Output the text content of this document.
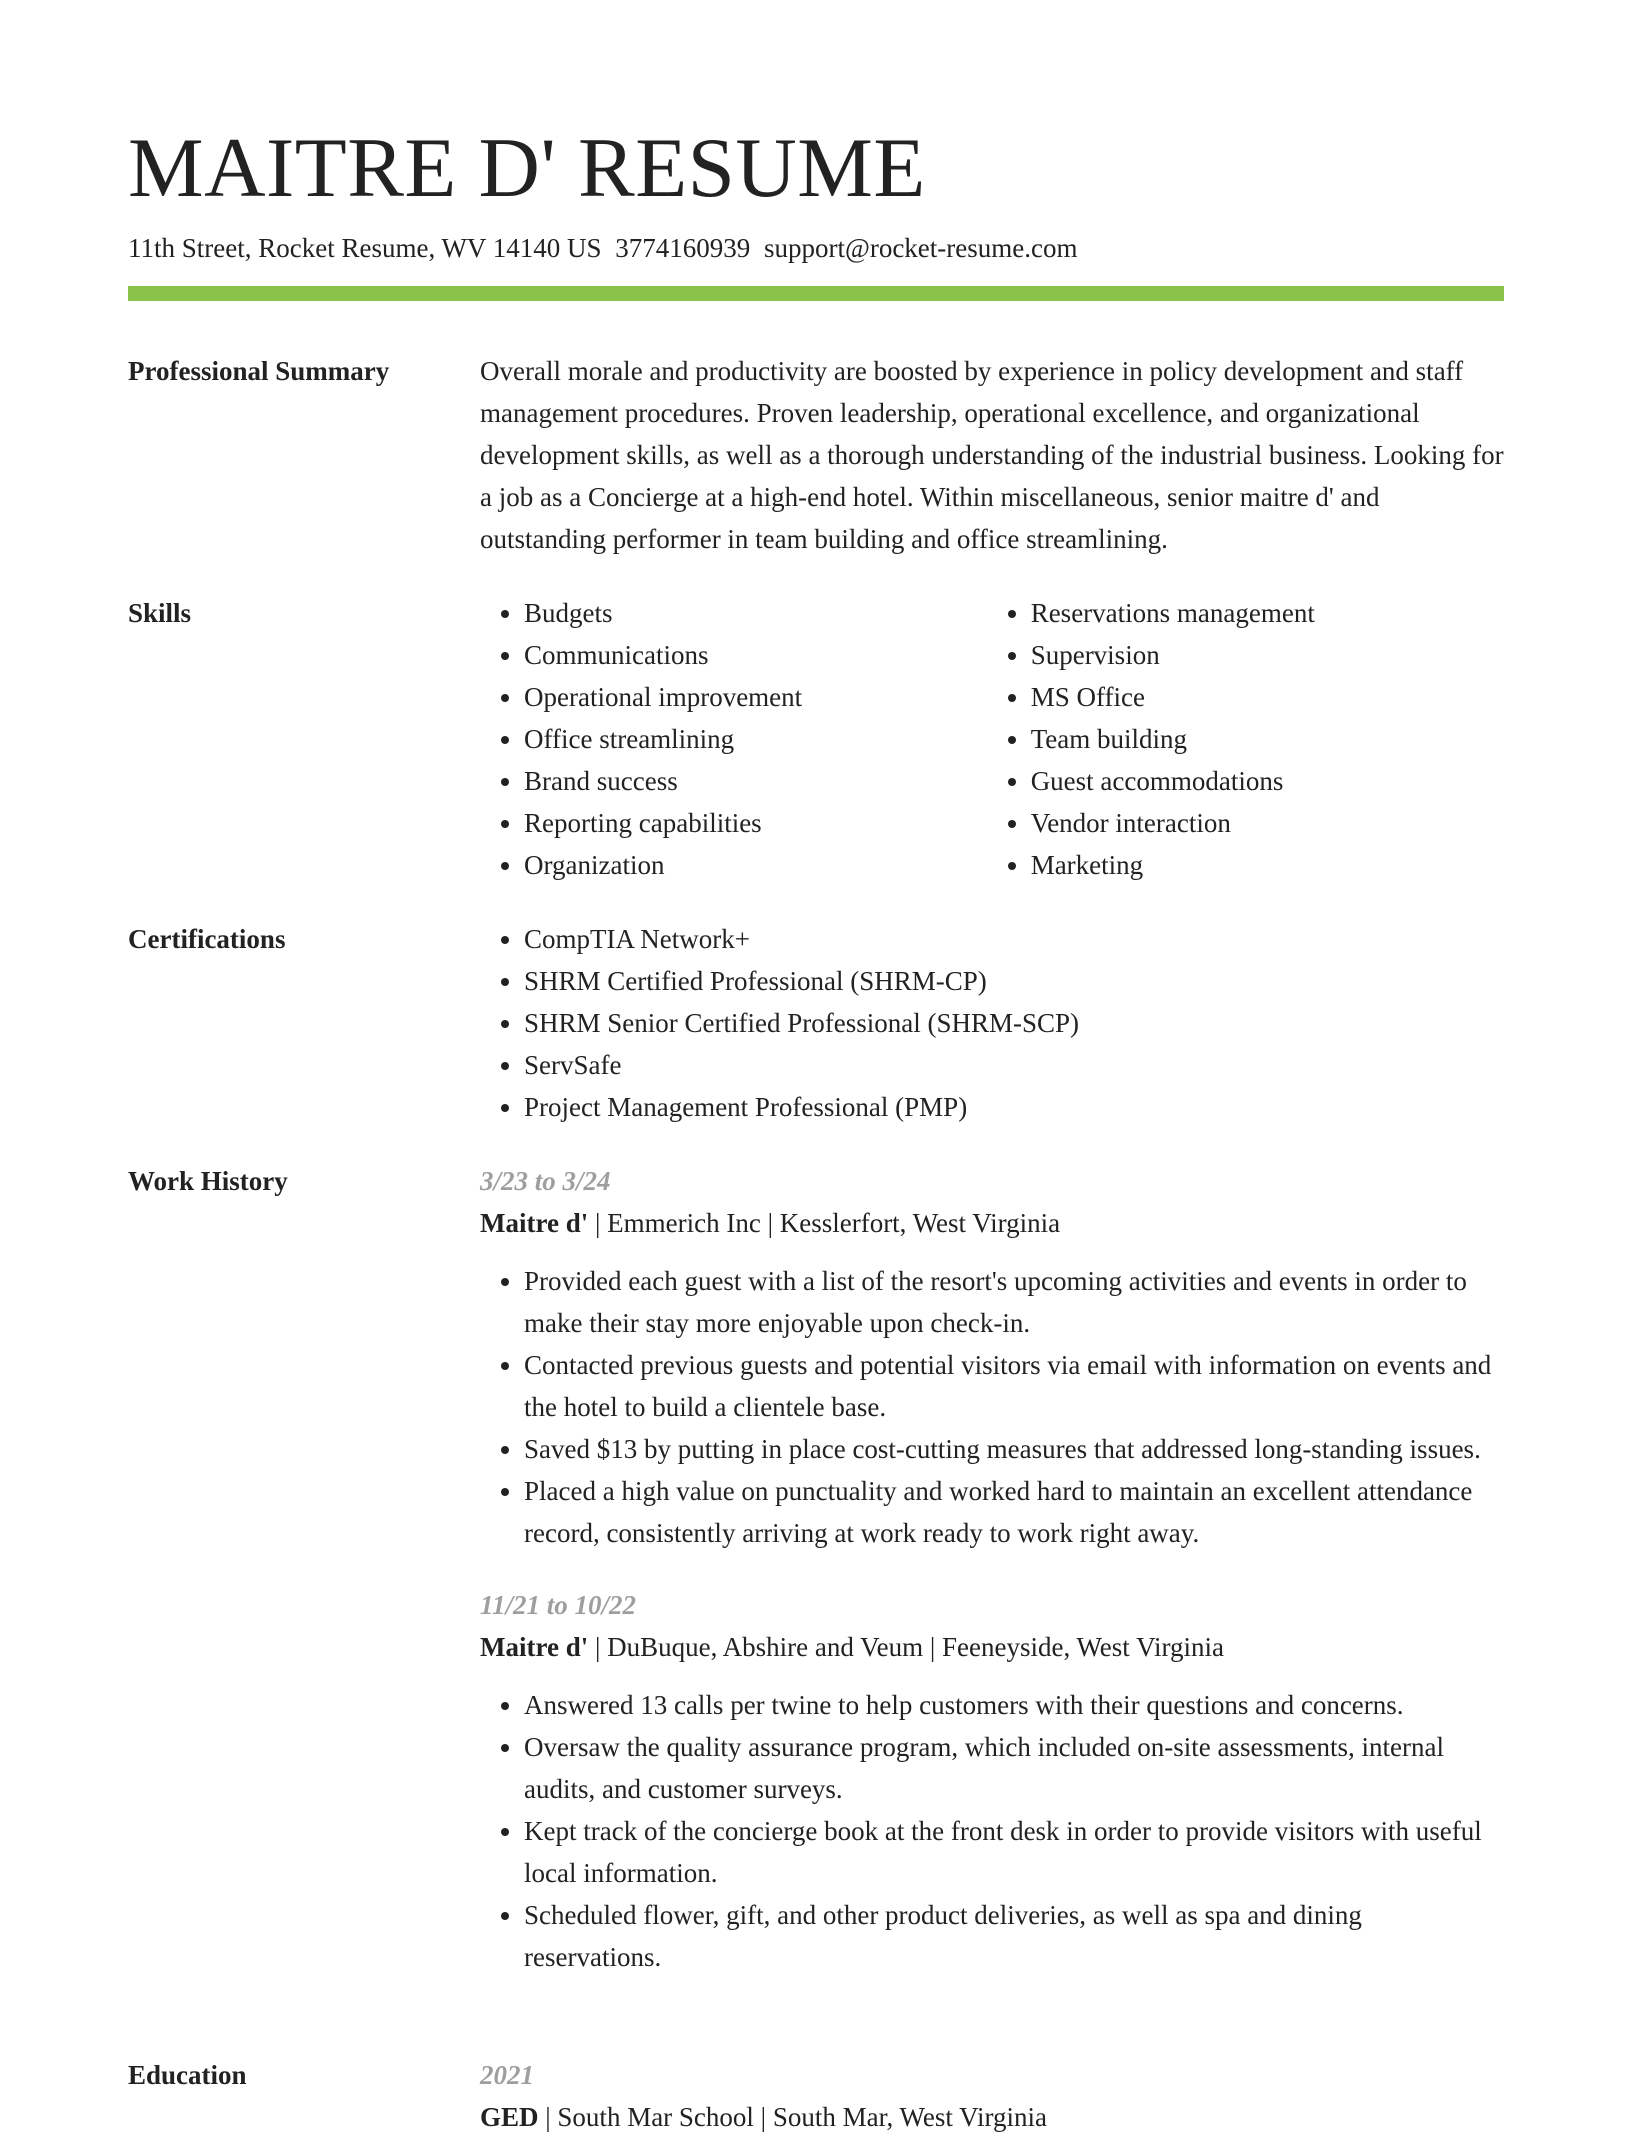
MAITRE D' RESUME
11th Street, Rocket Resume, WV 14140 US 3774160939 support@rocket-resume.com
Professional Summary	Overall morale and productivity are boosted by experience in policy development and staff management procedures. Proven leadership, operational excellence, and organizational development skills, as well as a thorough understanding of the industrial business. Looking for a job as a Concierge at a high-end hotel. Within miscellaneous, senior maitre d' and outstanding performer in team building and office streamlining.

Skills	• Budgets
• Communications
• Operational improvement
• Office streamlining
• Brand success
• Reporting capabilities
• Organization
• Reservations management
• Supervision
• MS Office
• Team building
• Guest accommodations
• Vendor interaction
• Marketing
Certifications	• CompTIA Network+
• SHRM Certified Professional (SHRM-CP)
• SHRM Senior Certified Professional (SHRM-SCP)
• ServSafe
• Project Management Professional (PMP)
Work History	3/23 to 3/24
Maitre d' | Emmerich Inc | Kesslerfort, West Virginia
• Provided each guest with a list of the resort's upcoming activities and events in order to make their stay more enjoyable upon check-in.
• Contacted previous guests and potential visitors via email with information on events and the hotel to build a clientele base.
• Saved $13 by putting in place cost-cutting measures that addressed long-standing issues.
• Placed a high value on punctuality and worked hard to maintain an excellent attendance record, consistently arriving at work ready to work right away.
11/21 to 10/22
Maitre d' | DuBuque, Abshire and Veum | Feeneyside, West Virginia
• Answered 13 calls per twine to help customers with their questions and concerns.
• Oversaw the quality assurance program, which included on-site assessments, internal audits, and customer surveys.
• Kept track of the concierge book at the front desk in order to provide visitors with useful local information.
• Scheduled flower, gift, and other product deliveries, as well as spa and dining reservations.
Education	2021
GED | South Mar School | South Mar, West Virginia
